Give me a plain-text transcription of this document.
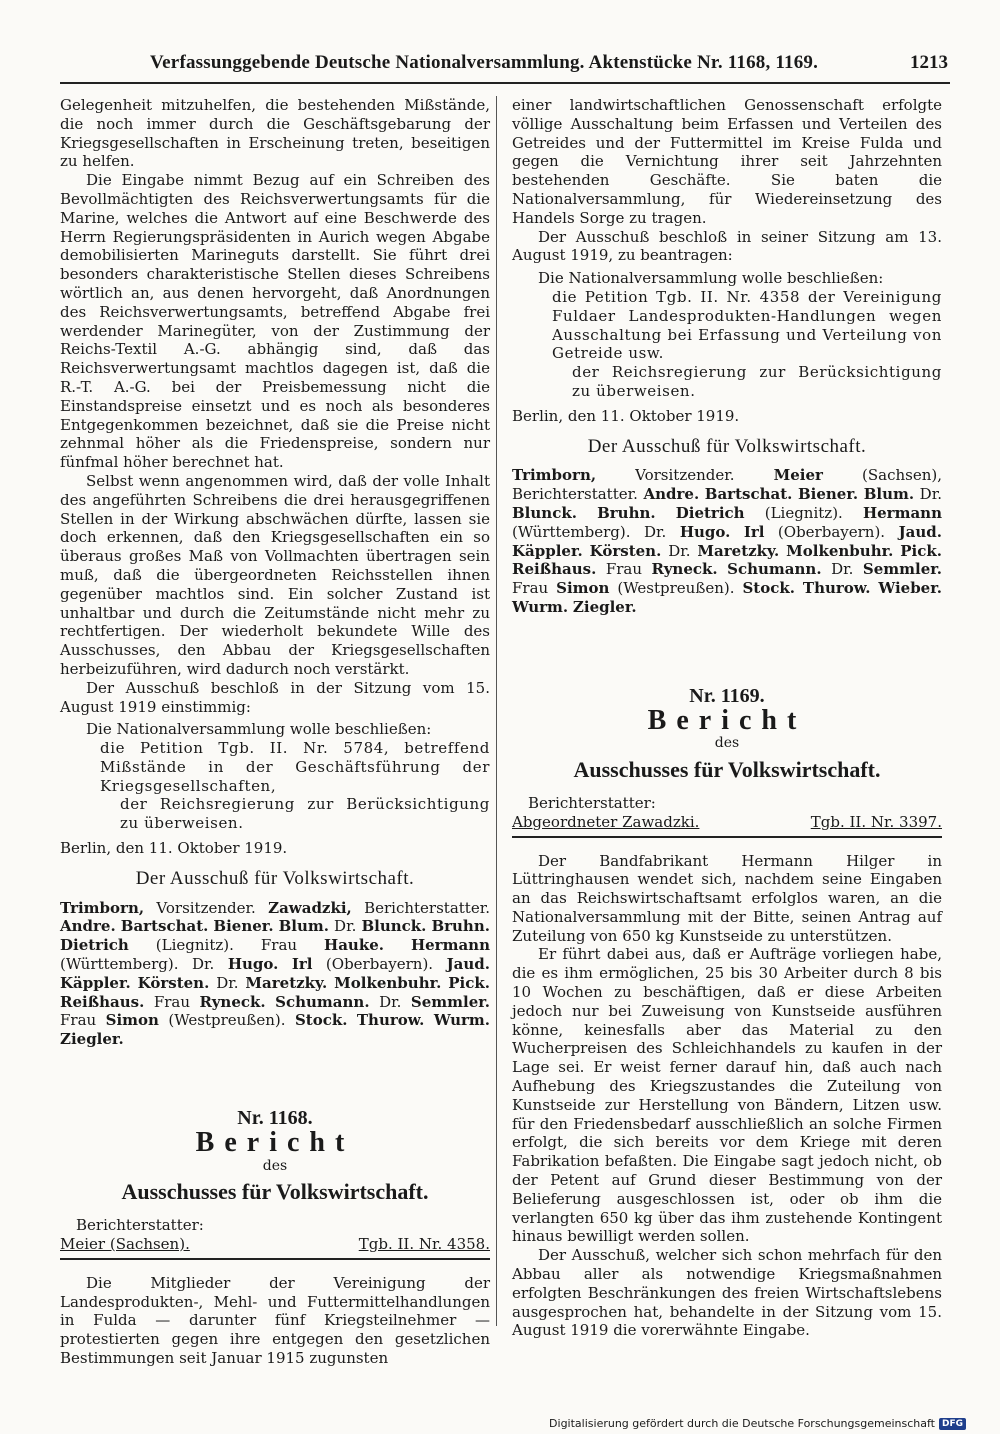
Verfassunggebende Deutsche Nationalversammlung. Aktenstücke Nr. 1168, 1169.	1213

Gelegenheit mitzuhelfen, die bestehenden Mißstände, die noch immer durch die Geschäftsgebarung der Kriegsgesellschaften in Erscheinung treten, beseitigen zu helfen.

Die Eingabe nimmt Bezug auf ein Schreiben des Bevollmächtigten des Reichsverwertungsamts für die Marine, welches die Antwort auf eine Beschwerde des Herrn Regierungspräsidenten in Aurich wegen Abgabe demobilisierten Marineguts darstellt. Sie führt drei besonders charakteristische Stellen dieses Schreibens wörtlich an, aus denen hervorgeht, daß Anordnungen des Reichsverwertungsamts, betreffend Abgabe frei werdender Marinegüter, von der Zustimmung der Reichs-Textil A.-G. abhängig sind, daß das Reichsverwertungsamt machtlos dagegen ist, daß die R.-T. A.-G. bei der Preisbemessung nicht die Einstandspreise einsetzt und es noch als besonderes Entgegenkommen bezeichnet, daß sie die Preise nicht zehnmal höher als die Friedenspreise, sondern nur fünfmal höher berechnet hat.

Selbst wenn angenommen wird, daß der volle Inhalt des angeführten Schreibens die drei herausgegriffenen Stellen in der Wirkung abschwächen dürfte, lassen sie doch erkennen, daß den Kriegsgesellschaften ein so überaus großes Maß von Vollmachten übertragen sein muß, daß die übergeordneten Reichsstellen ihnen gegenüber machtlos sind. Ein solcher Zustand ist unhaltbar und durch die Zeitumstände nicht mehr zu rechtfertigen. Der wiederholt bekundete Wille des Ausschusses, den Abbau der Kriegsgesellschaften herbeizuführen, wird dadurch noch verstärkt.

Der Ausschuß beschloß in der Sitzung vom 15. August 1919 einstimmig:

Die Nationalversammlung wolle beschließen:

die Petition Tgb. II. Nr. 5784, betreffend Mißstände in der Geschäftsführung der Kriegsgesellschaften,

der Reichsregierung zur Berücksichtigung zu überweisen.

Berlin, den 11. Oktober 1919.

Der Ausschuß für Volkswirtschaft.

Trimborn, Vorsitzender. Zawadzki, Berichterstatter. Andre. Bartschat. Biener. Blum. Dr. Blunck. Bruhn. Dietrich (Liegnitz). Frau Hauke. Hermann (Württemberg). Dr. Hugo. Irl (Oberbayern). Jaud. Käppler. Körsten. Dr. Maretzky. Molkenbuhr. Pick. Reißhaus. Frau Ryneck. Schumann. Dr. Semmler. Frau Simon (Westpreußen). Stock. Thurow. Wurm. Ziegler.

Nr. 1168.
Bericht
des
Ausschusses für Volkswirtschaft.

Berichterstatter:

Meier (Sachsen).	Tgb. II. Nr. 4358.

Die Mitglieder der Vereinigung der Landesprodukten-, Mehl- und Futtermittelhandlungen in Fulda — darunter fünf Kriegsteilnehmer — protestierten gegen ihre entgegen den gesetzlichen Bestimmungen seit Januar 1915 zugunsten

einer landwirtschaftlichen Genossenschaft erfolgte völlige Ausschaltung beim Erfassen und Verteilen des Getreides und der Futtermittel im Kreise Fulda und gegen die Vernichtung ihrer seit Jahrzehnten bestehenden Geschäfte. Sie baten die Nationalversammlung, für Wiedereinsetzung des Handels Sorge zu tragen.

Der Ausschuß beschloß in seiner Sitzung am 13. August 1919, zu beantragen:

Die Nationalversammlung wolle beschließen:

die Petition Tgb. II. Nr. 4358 der Vereinigung Fuldaer Landesprodukten-Handlungen wegen Ausschaltung bei Erfassung und Verteilung von Getreide usw.

der Reichsregierung zur Berücksichtigung zu überweisen.

Berlin, den 11. Oktober 1919.

Der Ausschuß für Volkswirtschaft.

Trimborn, Vorsitzender. Meier (Sachsen), Berichterstatter. Andre. Bartschat. Biener. Blum. Dr. Blunck. Bruhn. Dietrich (Liegnitz). Hermann (Württemberg). Dr. Hugo. Irl (Oberbayern). Jaud. Käppler. Körsten. Dr. Maretzky. Molkenbuhr. Pick. Reißhaus. Frau Ryneck. Schumann. Dr. Semmler. Frau Simon (Westpreußen). Stock. Thurow. Wieber. Wurm. Ziegler.

Nr. 1169.
Bericht
des
Ausschusses für Volkswirtschaft.

Berichterstatter:

Abgeordneter Zawadzki.	Tgb. II. Nr. 3397.

Der Bandfabrikant Hermann Hilger in Lüttringhausen wendet sich, nachdem seine Eingaben an das Reichswirtschaftsamt erfolglos waren, an die Nationalversammlung mit der Bitte, seinen Antrag auf Zuteilung von 650 kg Kunstseide zu unterstützen.

Er führt dabei aus, daß er Aufträge vorliegen habe, die es ihm ermöglichen, 25 bis 30 Arbeiter durch 8 bis 10 Wochen zu beschäftigen, daß er diese Arbeiten jedoch nur bei Zuweisung von Kunstseide ausführen könne, keinesfalls aber das Material zu den Wucherpreisen des Schleichhandels zu kaufen in der Lage sei. Er weist ferner darauf hin, daß auch nach Aufhebung des Kriegszustandes die Zuteilung von Kunstseide zur Herstellung von Bändern, Litzen usw. für den Friedensbedarf ausschließlich an solche Firmen erfolgt, die sich bereits vor dem Kriege mit deren Fabrikation befaßten. Die Eingabe sagt jedoch nicht, ob der Petent auf Grund dieser Bestimmung von der Belieferung ausgeschlossen ist, oder ob ihm die verlangten 650 kg über das ihm zustehende Kontingent hinaus bewilligt werden sollen.

Der Ausschuß, welcher sich schon mehrfach für den Abbau aller als notwendige Kriegsmaßnahmen erfolgten Beschränkungen des freien Wirtschaftslebens ausgesprochen hat, behandelte in der Sitzung vom 15. August 1919 die vorerwähnte Eingabe.

Digitalisierung gefördert durch die Deutsche Forschungsgemeinschaft DFG
